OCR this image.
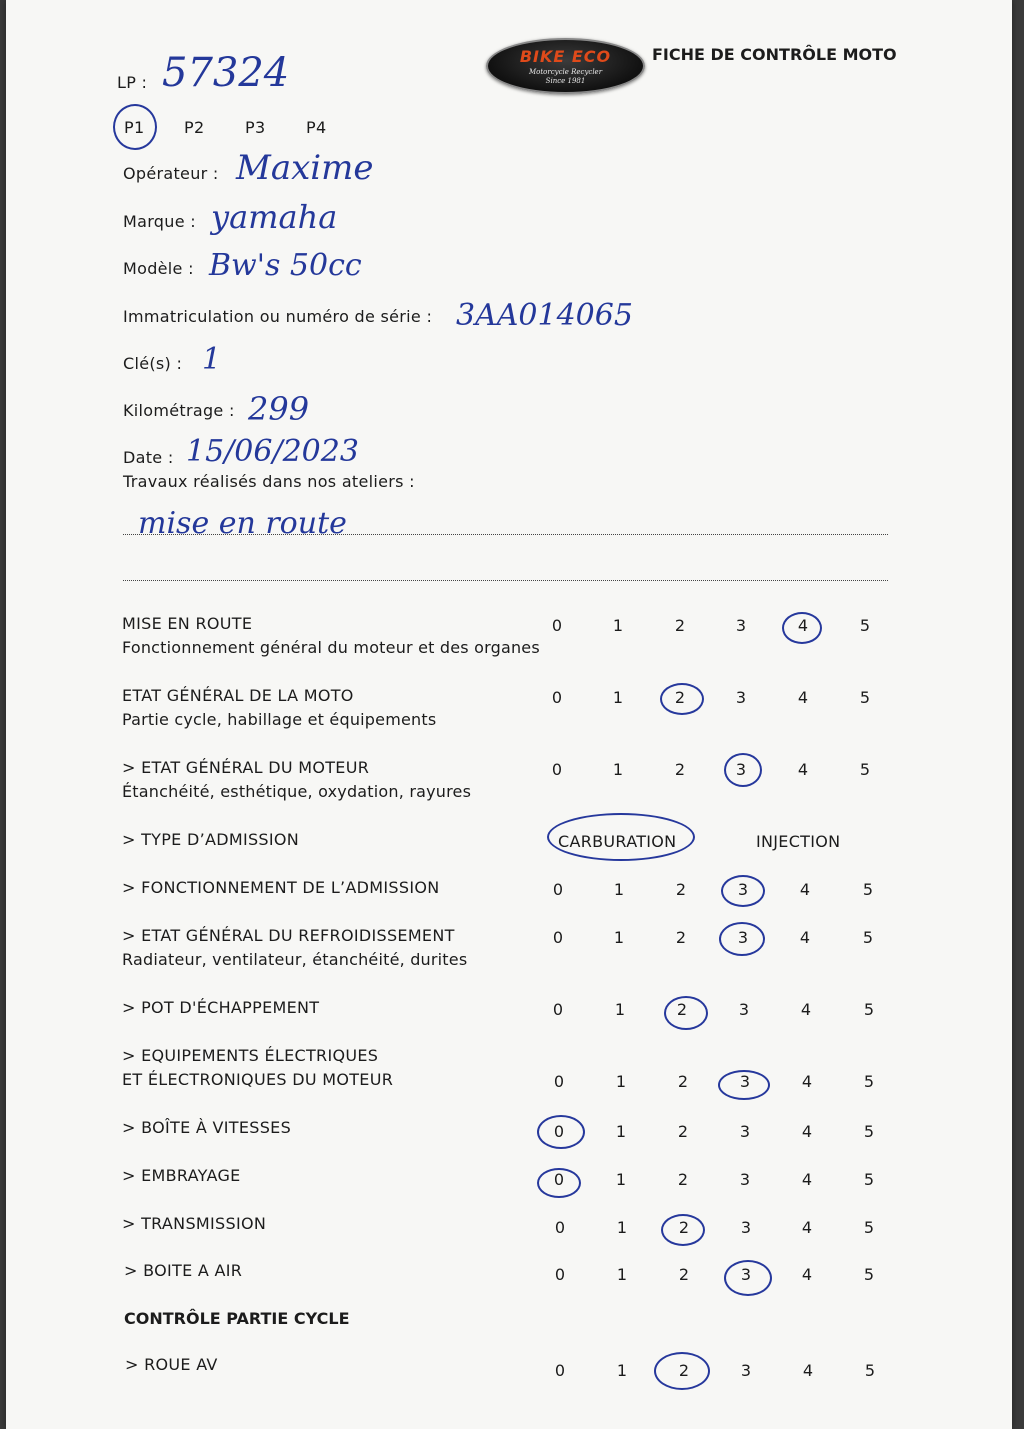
LP : 57324
P1 P2	P3	P4
BIKE ECO
Motorcycle Recycler
Since 1981
FICHE DE CONTRÔLE MOTO
Opérateur : Maxime
Marque : yamaha
Modèle : Bw's 50cc
Immatriculation ou numéro de série : 3AA014065
Clé(s) : 1
Kilométrage : 299
Date : 15/06/2023
Travaux réalisés dans nos ateliers :
mise en route
MISE EN ROUTE
Fonctionnement général du moteur et des organes
0	1	2	3	4	5
ETAT GÉNÉRAL DE LA MOTO
Partie cycle, habillage et équipements
0	1	2	3	4	5
> ETAT GÉNÉRAL DU MOTEUR
Étanchéité, esthétique, oxydation, rayures
0	1	2	3	4	5
> TYPE D’ADMISSION	CARBURATION	INJECTION
> FONCTIONNEMENT DE L’ADMISSION	0	1	2	3	4	5
> ETAT GÉNÉRAL DU REFROIDISSEMENT
Radiateur, ventilateur, étanchéité, durites
0	1	2	3	4	5
> POT D'ÉCHAPPEMENT	0	1	2	3	4	5
> EQUIPEMENTS ÉLECTRIQUES
ET ÉLECTRONIQUES DU MOTEUR	0	1	2	3	4	5
> BOÎTE À VITESSES	0	1	2	3	4	5
> EMBRAYAGE	0	1	2	3	4	5
> TRANSMISSION	0	1	2	3	4	5
> BOITE A AIR	0	1	2	3	4	5
CONTRÔLE PARTIE CYCLE
> ROUE AV	0	1	2	3	4	5
